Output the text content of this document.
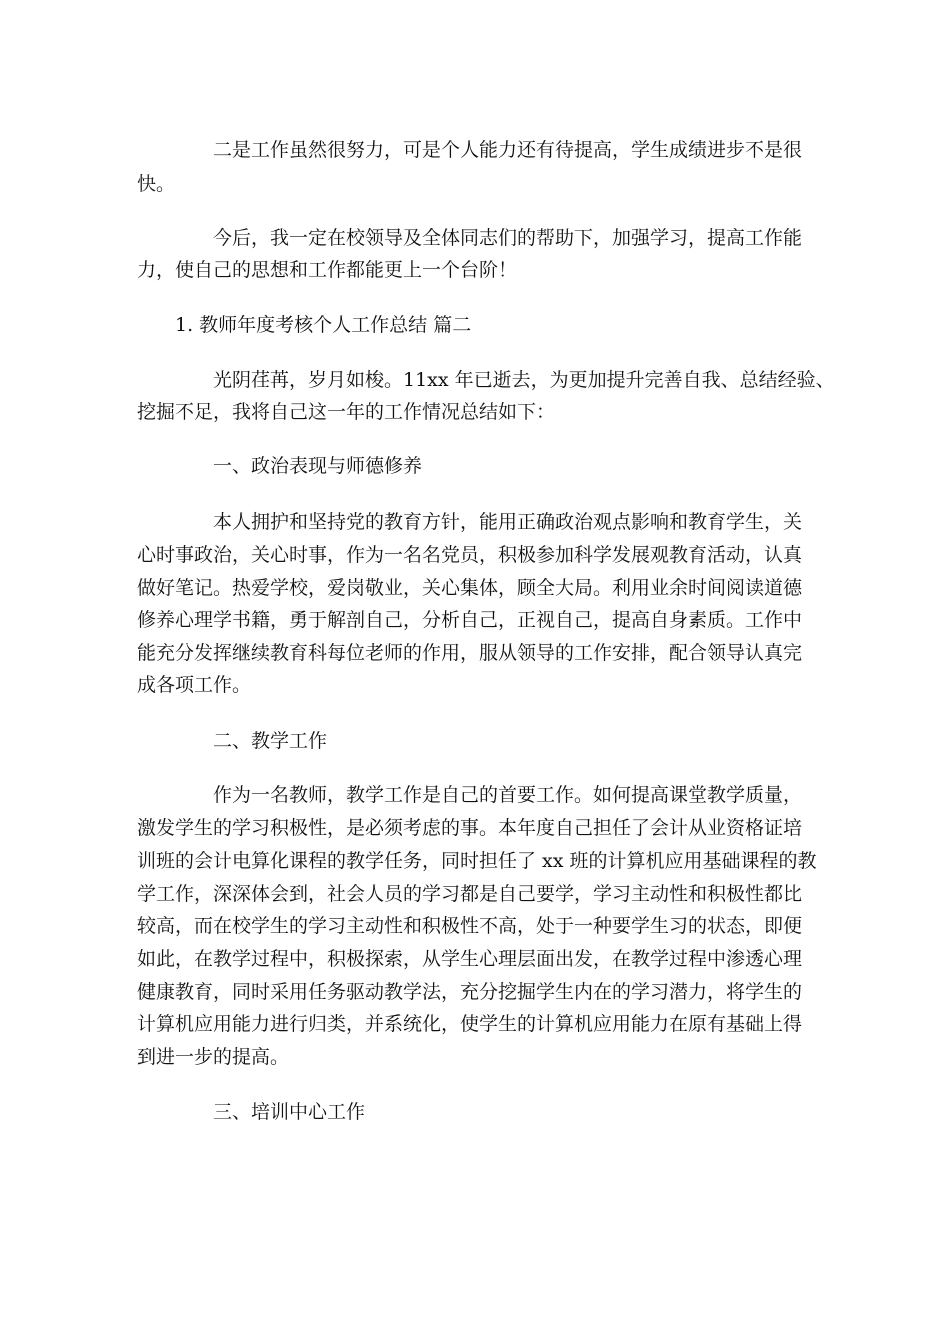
二是工作虽然很努力，可是个人能力还有待提高，学生成绩进步不是很
快。
今后，我一定在校领导及全体同志们的帮助下，加强学习，提高工作能
力，使自己的思想和工作都能更上一个台阶！
1. 教师年度考核个人工作总结 篇二
光阴荏苒，岁月如梭。11xx 年已逝去，为更加提升完善自我、总结经验、
挖掘不足，我将自己这一年的工作情况总结如下：
一、政治表现与师德修养
本人拥护和坚持党的教育方针，能用正确政治观点影响和教育学生，关
心时事政治，关心时事，作为一名名党员，积极参加科学发展观教育活动，认真
做好笔记。热爱学校，爱岗敬业，关心集体，顾全大局。利用业余时间阅读道德
修养心理学书籍，勇于解剖自己，分析自己，正视自己，提高自身素质。工作中
能充分发挥继续教育科每位老师的作用，服从领导的工作安排，配合领导认真完
成各项工作。
二、教学工作
作为一名教师，教学工作是自己的首要工作。如何提高课堂教学质量，
激发学生的学习积极性，是必须考虑的事。本年度自己担任了会计从业资格证培
训班的会计电算化课程的教学任务，同时担任了 xx 班的计算机应用基础课程的教
学工作，深深体会到，社会人员的学习都是自己要学，学习主动性和积极性都比
较高，而在校学生的学习主动性和积极性不高，处于一种要学生习的状态，即便
如此，在教学过程中，积极探索，从学生心理层面出发，在教学过程中渗透心理
健康教育，同时采用任务驱动教学法，充分挖掘学生内在的学习潜力，将学生的
计算机应用能力进行归类，并系统化，使学生的计算机应用能力在原有基础上得
到进一步的提高。
三、培训中心工作
